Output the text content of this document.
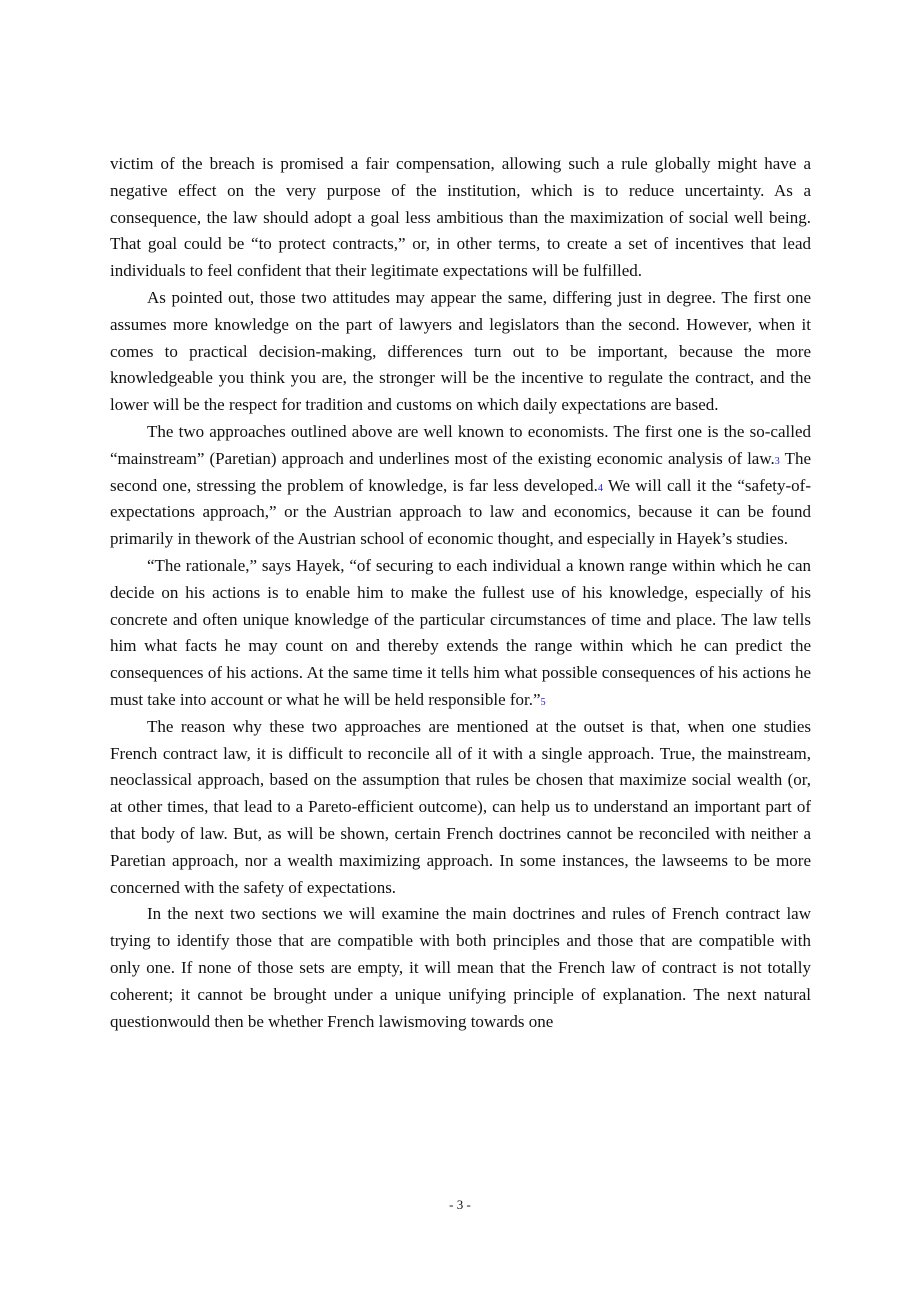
victim of the breach is promised a fair compensation, allowing such a rule globally might have a negative effect on the very purpose of the institution, which is to reduce uncertainty. As a consequence, the law should adopt a goal less ambitious than the maximization of social well being. That goal could be “to protect contracts,” or, in other terms, to create a set of incentives that lead individuals to feel confident that their legitimate expectations will be fulfilled.

As pointed out, those two attitudes may appear the same, differing just in degree. The first one assumes more knowledge on the part of lawyers and legislators than the second. However, when it comes to practical decision-making, differences turn out to be important, because the more knowledgeable you think you are, the stronger will be the incentive to regulate the contract, and the lower will be the respect for tradition and customs on which daily expectations are based.

The two approaches outlined above are well known to economists. The first one is the so-called “mainstream” (Paretian) approach and underlines most of the existing economic analysis of law.3 The second one, stressing the problem of knowledge, is far less developed.4 We will call it the “safety-of-expectations approach,” or the Austrian approach to law and economics, because it can be found primarily in thework of the Austrian school of economic thought, and especially in Hayek’s studies.

“The rationale,” says Hayek, “of securing to each individual a known range within which he can decide on his actions is to enable him to make the fullest use of his knowledge, especially of his concrete and often unique knowledge of the particular circumstances of time and place. The law tells him what facts he may count on and thereby extends the range within which he can predict the consequences of his actions. At the same time it tells him what possible consequences of his actions he must take into account or what he will be held responsible for.”5

The reason why these two approaches are mentioned at the outset is that, when one studies French contract law, it is difficult to reconcile all of it with a single approach. True, the mainstream, neoclassical approach, based on the assumption that rules be chosen that maximize social wealth (or, at other times, that lead to a Pareto-efficient outcome), can help us to understand an important part of that body of law. But, as will be shown, certain French doctrines cannot be reconciled with neither a Paretian approach, nor a wealth maximizing approach. In some instances, the lawseems to be more concerned with the safety of expectations.

In the next two sections we will examine the main doctrines and rules of French contract law trying to identify those that are compatible with both principles and those that are compatible with only one. If none of those sets are empty, it will mean that the French law of contract is not totally coherent; it cannot be brought under a unique unifying principle of explanation. The next natural questionwould then be whether French lawismoving towards one

- 3 -
